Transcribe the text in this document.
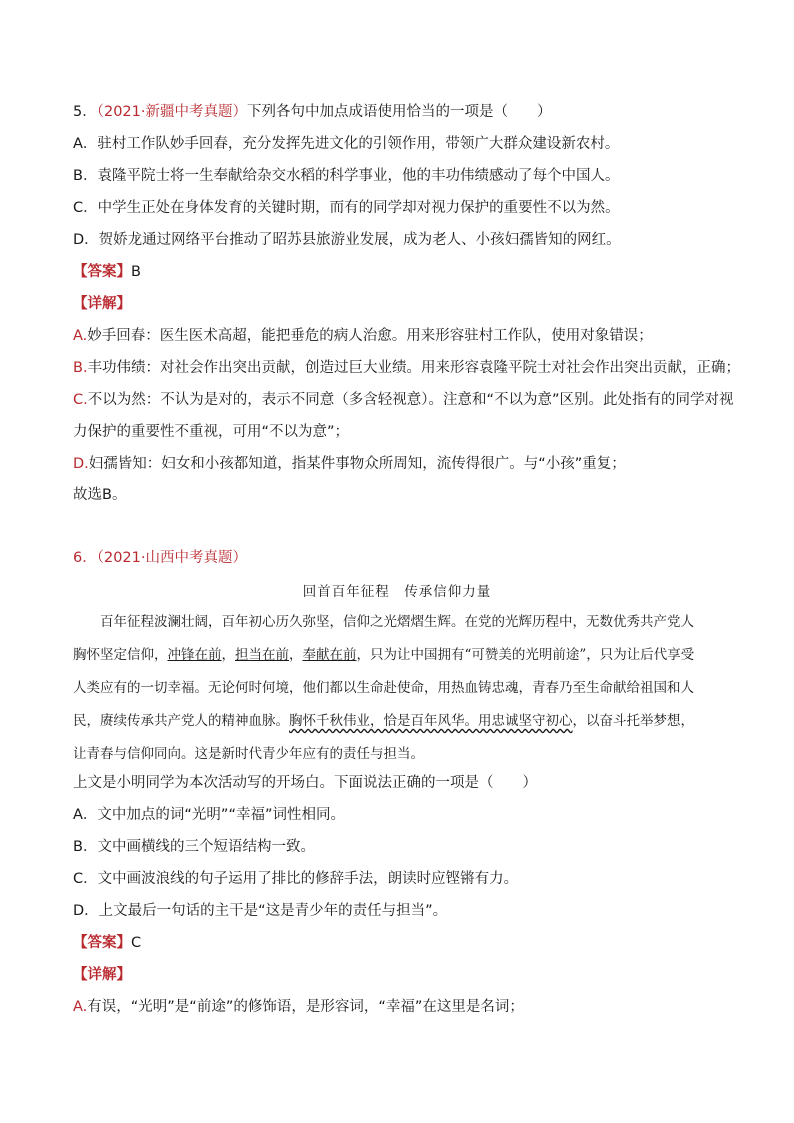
5．（2021·新疆中考真题）下列各句中加点成语使用恰当的一项是（　　）
A．驻村工作队妙手回春，充分发挥先进文化的引领作用，带领广大群众建设新农村。
B．袁隆平院士将一生奉献给杂交水稻的科学事业，他的丰功伟绩感动了每个中国人。
C．中学生正处在身体发育的关键时期，而有的同学却对视力保护的重要性不以为然。
D．贺娇龙通过网络平台推动了昭苏县旅游业发展，成为老人、小孩妇孺皆知的网红。
【答案】B
【详解】
A.妙手回春：医生医术高超，能把垂危的病人治愈。用来形容驻村工作队，使用对象错误；
B.丰功伟绩：对社会作出突出贡献，创造过巨大业绩。用来形容袁隆平院士对社会作出突出贡献，正确；
C.不以为然：不认为是对的，表示不同意（多含轻视意）。注意和“不以为意”区别。此处指有的同学对视
力保护的重要性不重视，可用“不以为意”；
D.妇孺皆知：妇女和小孩都知道，指某件事物众所周知，流传得很广。与“小孩”重复；
故选B。
6．（2021·山西中考真题）
回首百年征程　传承信仰力量
百年征程波澜壮阔，百年初心历久弥坚，信仰之光熠熠生辉。在党的光辉历程中，无数优秀共产党人
胸怀坚定信仰，冲锋在前，担当在前，奉献在前，只为让中国拥有“可赞美的光明前途”，只为让后代享受
人类应有的一切幸福。无论何时何境，他们都以生命赴使命，用热血铸忠魂，青春乃至生命献给祖国和人
民，赓续传承共产党人的精神血脉。胸怀千秋伟业，恰是百年风华。用忠诚坚守初心，以奋斗托举梦想，
让青春与信仰同向。这是新时代青少年应有的责任与担当。
上文是小明同学为本次活动写的开场白。下面说法正确的一项是（　　）
A．文中加点的词“光明”“幸福”词性相同。
B．文中画横线的三个短语结构一致。
C．文中画波浪线的句子运用了排比的修辞手法，朗读时应铿锵有力。
D．上文最后一句话的主干是“这是青少年的责任与担当”。
【答案】C
【详解】
A.有误，“光明”是“前途”的修饰语，是形容词，“幸福”在这里是名词；
